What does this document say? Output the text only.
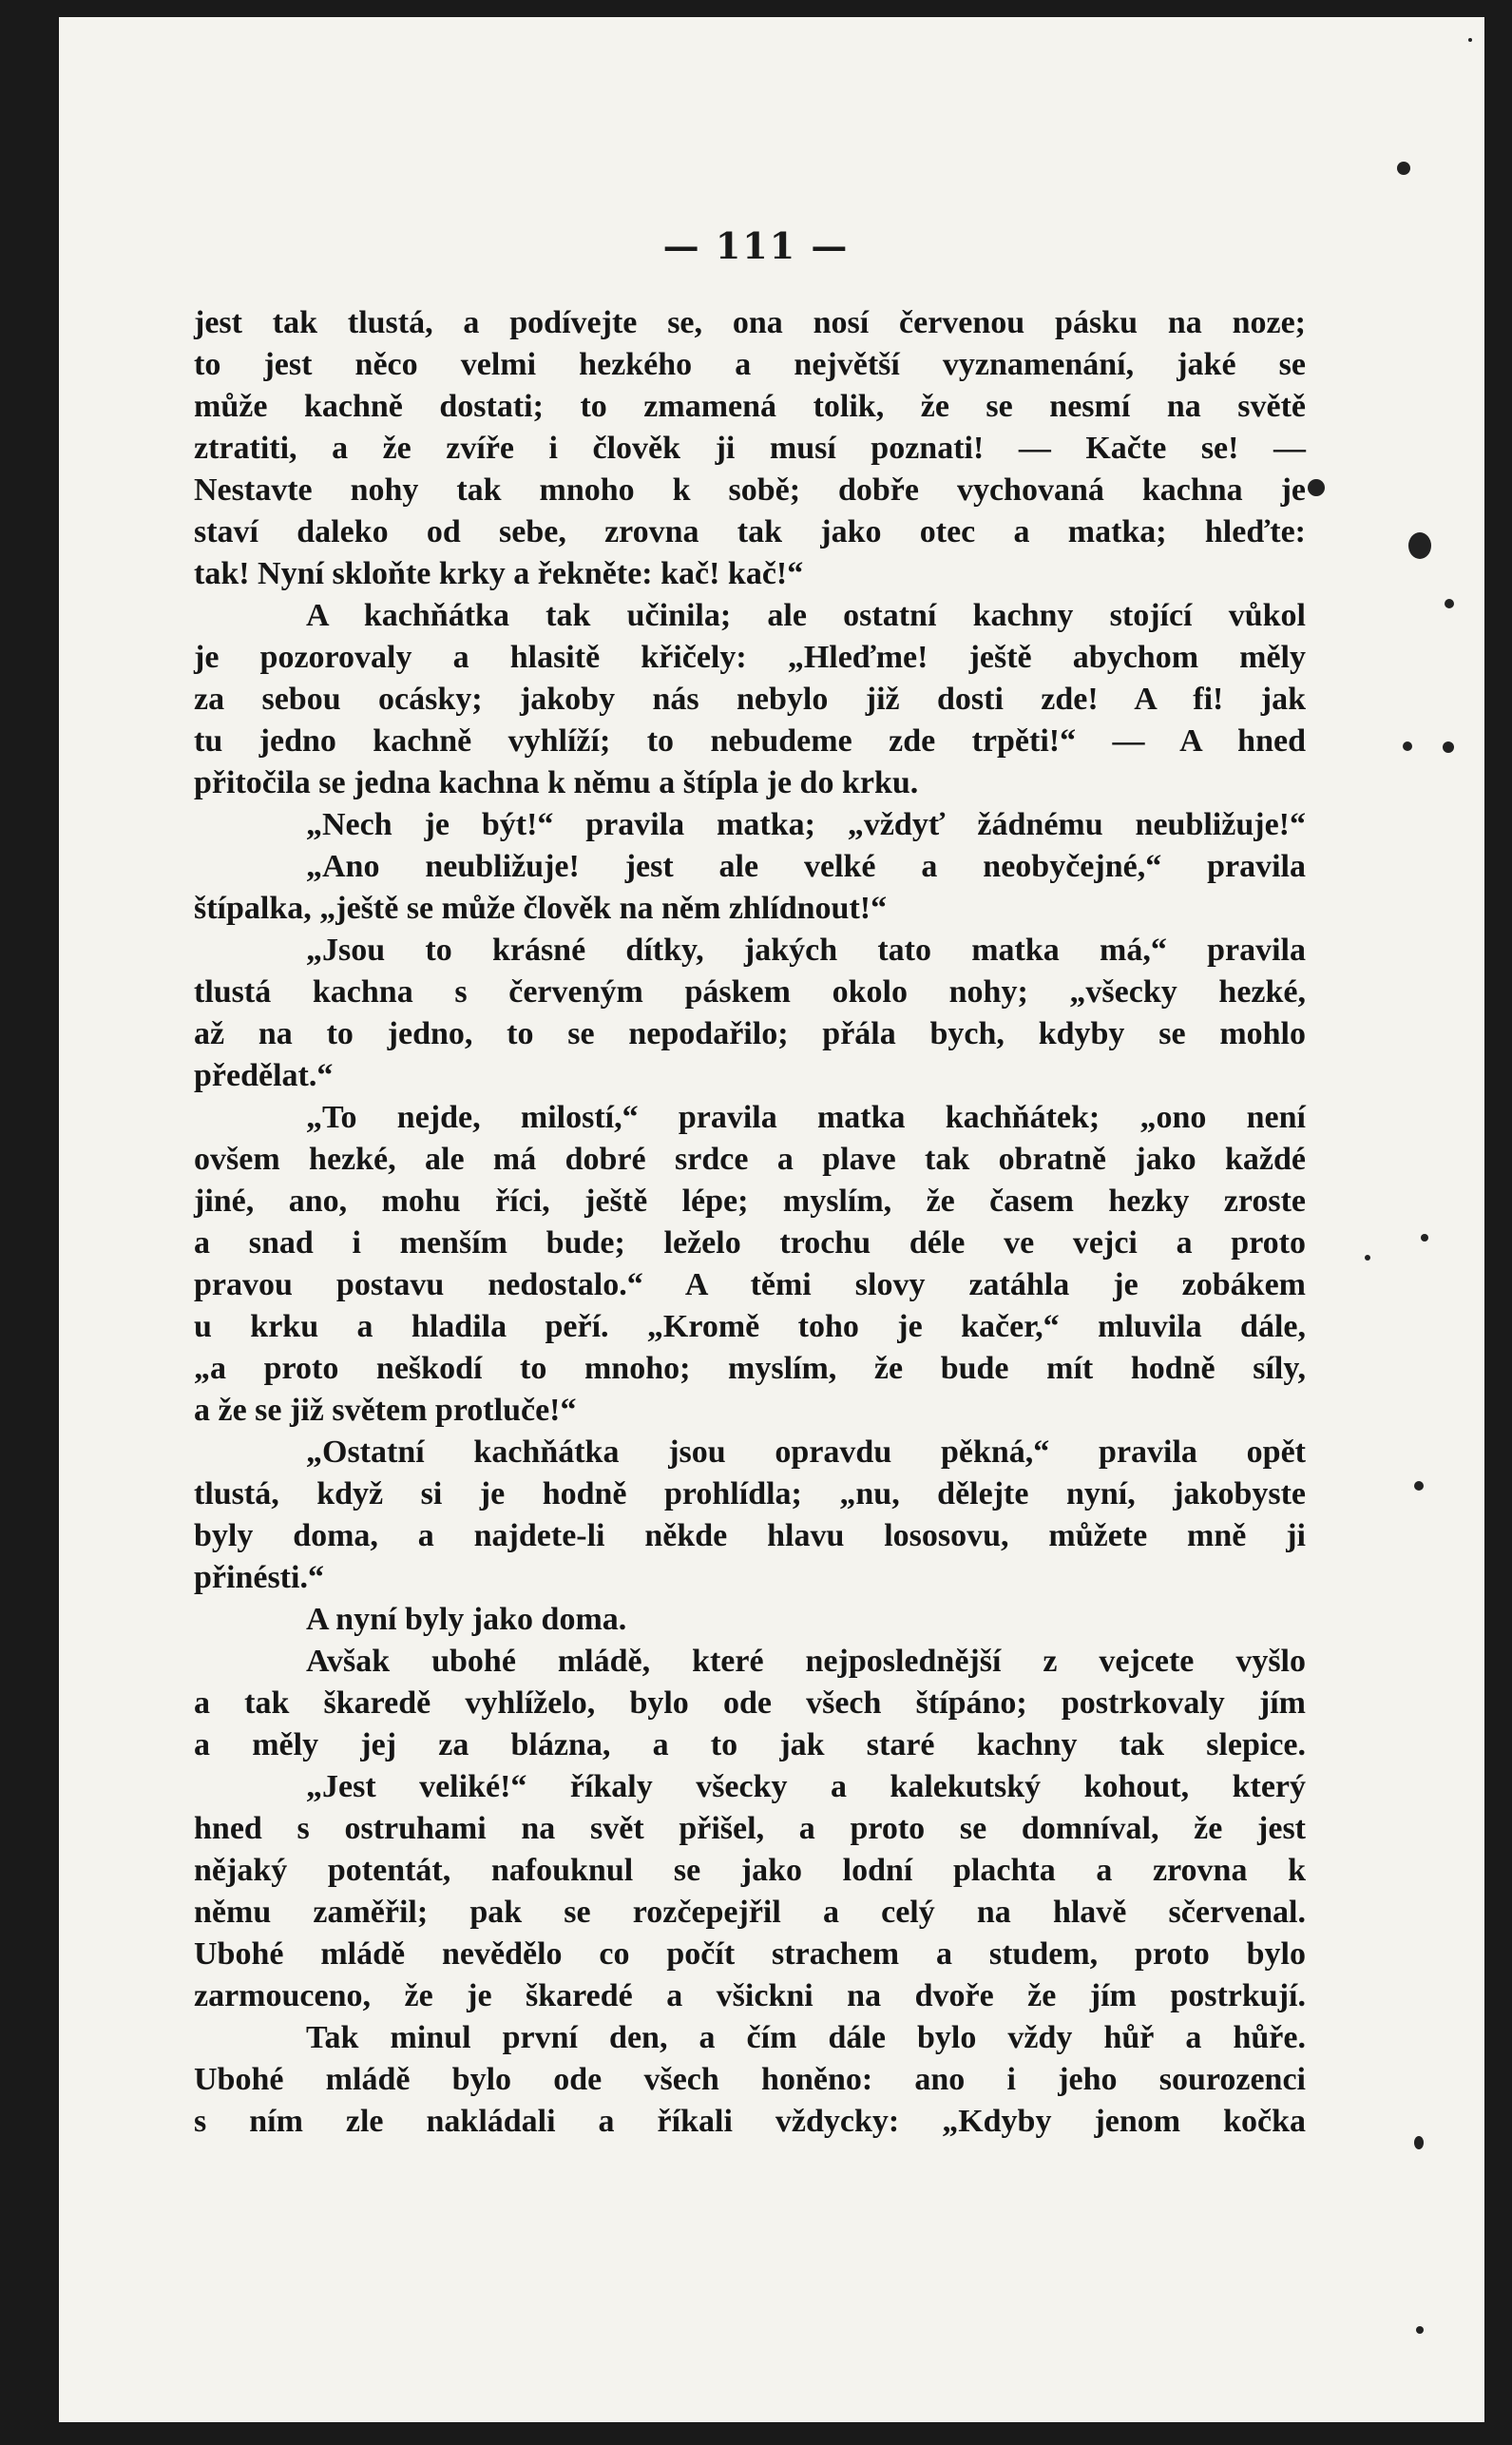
— 111 —
jest tak tlustá, a podívejte se, ona nosí červenou pásku na noze;
to jest něco velmi hezkého a největší vyznamenání, jaké se
může kachně dostati; to zmamená tolik, že se nesmí na světě
ztratiti, a že zvíře i člověk ji musí poznati! — Kačte se! —
Nestavte nohy tak mnoho k sobě; dobře vychovaná kachna je
staví daleko od sebe, zrovna tak jako otec a matka; hleďte:
tak! Nyní skloňte krky a řekněte: kač! kač!“
A kachňátka tak učinila; ale ostatní kachny stojící vůkol
je pozorovaly a hlasitě křičely: „Hleďme! ještě abychom měly
za sebou ocásky; jakoby nás nebylo již dosti zde! A fi! jak
tu jedno kachně vyhlíží; to nebudeme zde trpěti!“ — A hned
přitočila se jedna kachna k němu a štípla je do krku.
„Nech je být!“ pravila matka; „vždyť žádnému neubližuje!“
„Ano neubližuje! jest ale velké a neobyčejné,“ pravila
štípalka, „ještě se může člověk na něm zhlídnout!“
„Jsou to krásné dítky, jakých tato matka má,“ pravila
tlustá kachna s červeným páskem okolo nohy; „všecky hezké,
až na to jedno, to se nepodařilo; přála bych, kdyby se mohlo
předělat.“
„To nejde, milostí,“ pravila matka kachňátek; „ono není
ovšem hezké, ale má dobré srdce a plave tak obratně jako každé
jiné, ano, mohu říci, ještě lépe; myslím, že časem hezky zroste
a snad i menším bude; leželo trochu déle ve vejci a proto
pravou postavu nedostalo.“ A těmi slovy zatáhla je zobákem
u krku a hladila peří. „Kromě toho je kačer,“ mluvila dále,
„a proto neškodí to mnoho; myslím, že bude mít hodně síly,
a že se již světem protluče!“
„Ostatní kachňátka jsou opravdu pěkná,“ pravila opět
tlustá, když si je hodně prohlídla; „nu, dělejte nyní, jakobyste
byly doma, a najdete-li někde hlavu lososovu, můžete mně ji
přinésti.“
A nyní byly jako doma.
Avšak ubohé mládě, které nejposlednější z vejcete vyšlo
a tak škaredě vyhlíželo, bylo ode všech štípáno; postrkovaly jím
a měly jej za blázna, a to jak staré kachny tak slepice.
„Jest veliké!“ říkaly všecky a kalekutský kohout, který
hned s ostruhami na svět přišel, a proto se domníval, že jest
nějaký potentát, nafouknul se jako lodní plachta a zrovna k
němu zaměřil; pak se rozčepejřil a celý na hlavě sčervenal.
Ubohé mládě nevědělo co počít strachem a studem, proto bylo
zarmouceno, že je škaredé a všickni na dvoře že jím postrkují.
Tak minul první den, a čím dále bylo vždy hůř a hůře.
Ubohé mládě bylo ode všech honěno: ano i jeho sourozenci
s ním zle nakládali a říkali vždycky: „Kdyby jenom kočka
